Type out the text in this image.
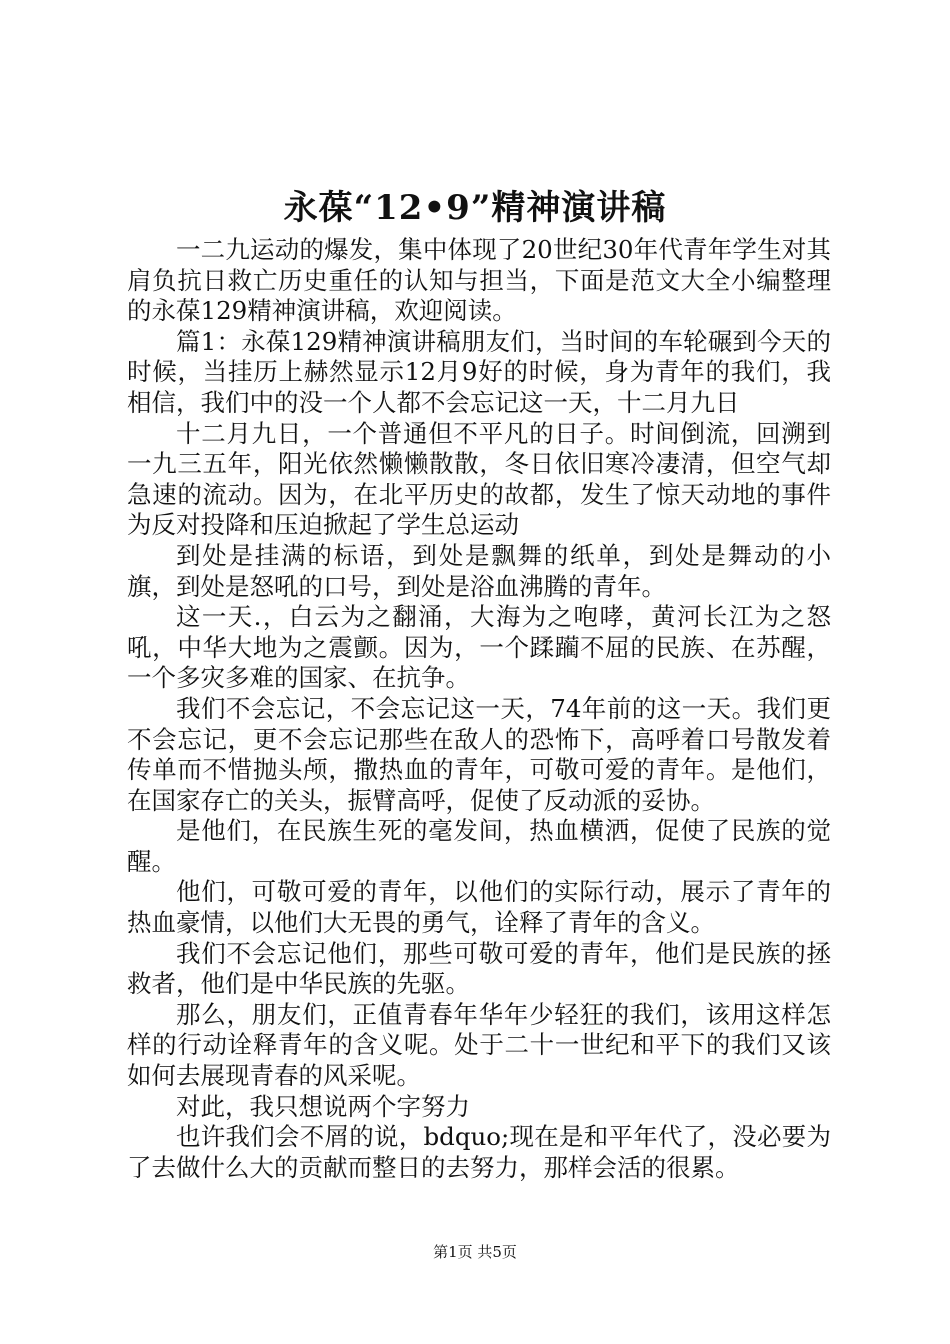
永葆“12•9”精神演讲稿

一二九运动的爆发，集中体现了20世纪30年代青年学生对其肩负抗日救亡历史重任的认知与担当，下面是范文大全小编整理的永葆129精神演讲稿，欢迎阅读。

篇1：永葆129精神演讲稿朋友们，当时间的车轮碾到今天的时候，当挂历上赫然显示12月9好的时候，身为青年的我们，我相信，我们中的没一个人都不会忘记这一天，十二月九日

十二月九日，一个普通但不平凡的日子。时间倒流，回溯到一九三五年，阳光依然懒懒散散，冬日依旧寒冷凄清，但空气却急速的流动。因为，在北平历史的故都，发生了惊天动地的事件为反对投降和压迫掀起了学生总运动

到处是挂满的标语，到处是飘舞的纸单，到处是舞动的小旗，到处是怒吼的口号，到处是浴血沸腾的青年。

这一天.，白云为之翻涌，大海为之咆哮，黄河长江为之怒吼，中华大地为之震颤。因为，一个蹂躏不屈的民族、在苏醒，一个多灾多难的国家、在抗争。

我们不会忘记，不会忘记这一天，74年前的这一天。我们更不会忘记，更不会忘记那些在敌人的恐怖下，高呼着口号散发着传单而不惜抛头颅，撒热血的青年，可敬可爱的青年。是他们，在国家存亡的关头，振臂高呼，促使了反动派的妥协。

是他们，在民族生死的毫发间，热血横洒，促使了民族的觉醒。

他们，可敬可爱的青年，以他们的实际行动，展示了青年的热血豪情，以他们大无畏的勇气，诠释了青年的含义。

我们不会忘记他们，那些可敬可爱的青年，他们是民族的拯救者，他们是中华民族的先驱。

那么，朋友们，正值青春年华年少轻狂的我们，该用这样怎样的行动诠释青年的含义呢。处于二十一世纪和平下的我们又该如何去展现青春的风采呢。

对此，我只想说两个字努力

也许我们会不屑的说，bdquo;现在是和平年代了，没必要为了去做什么大的贡献而整日的去努力，那样会活的很累。

第1页 共5页
